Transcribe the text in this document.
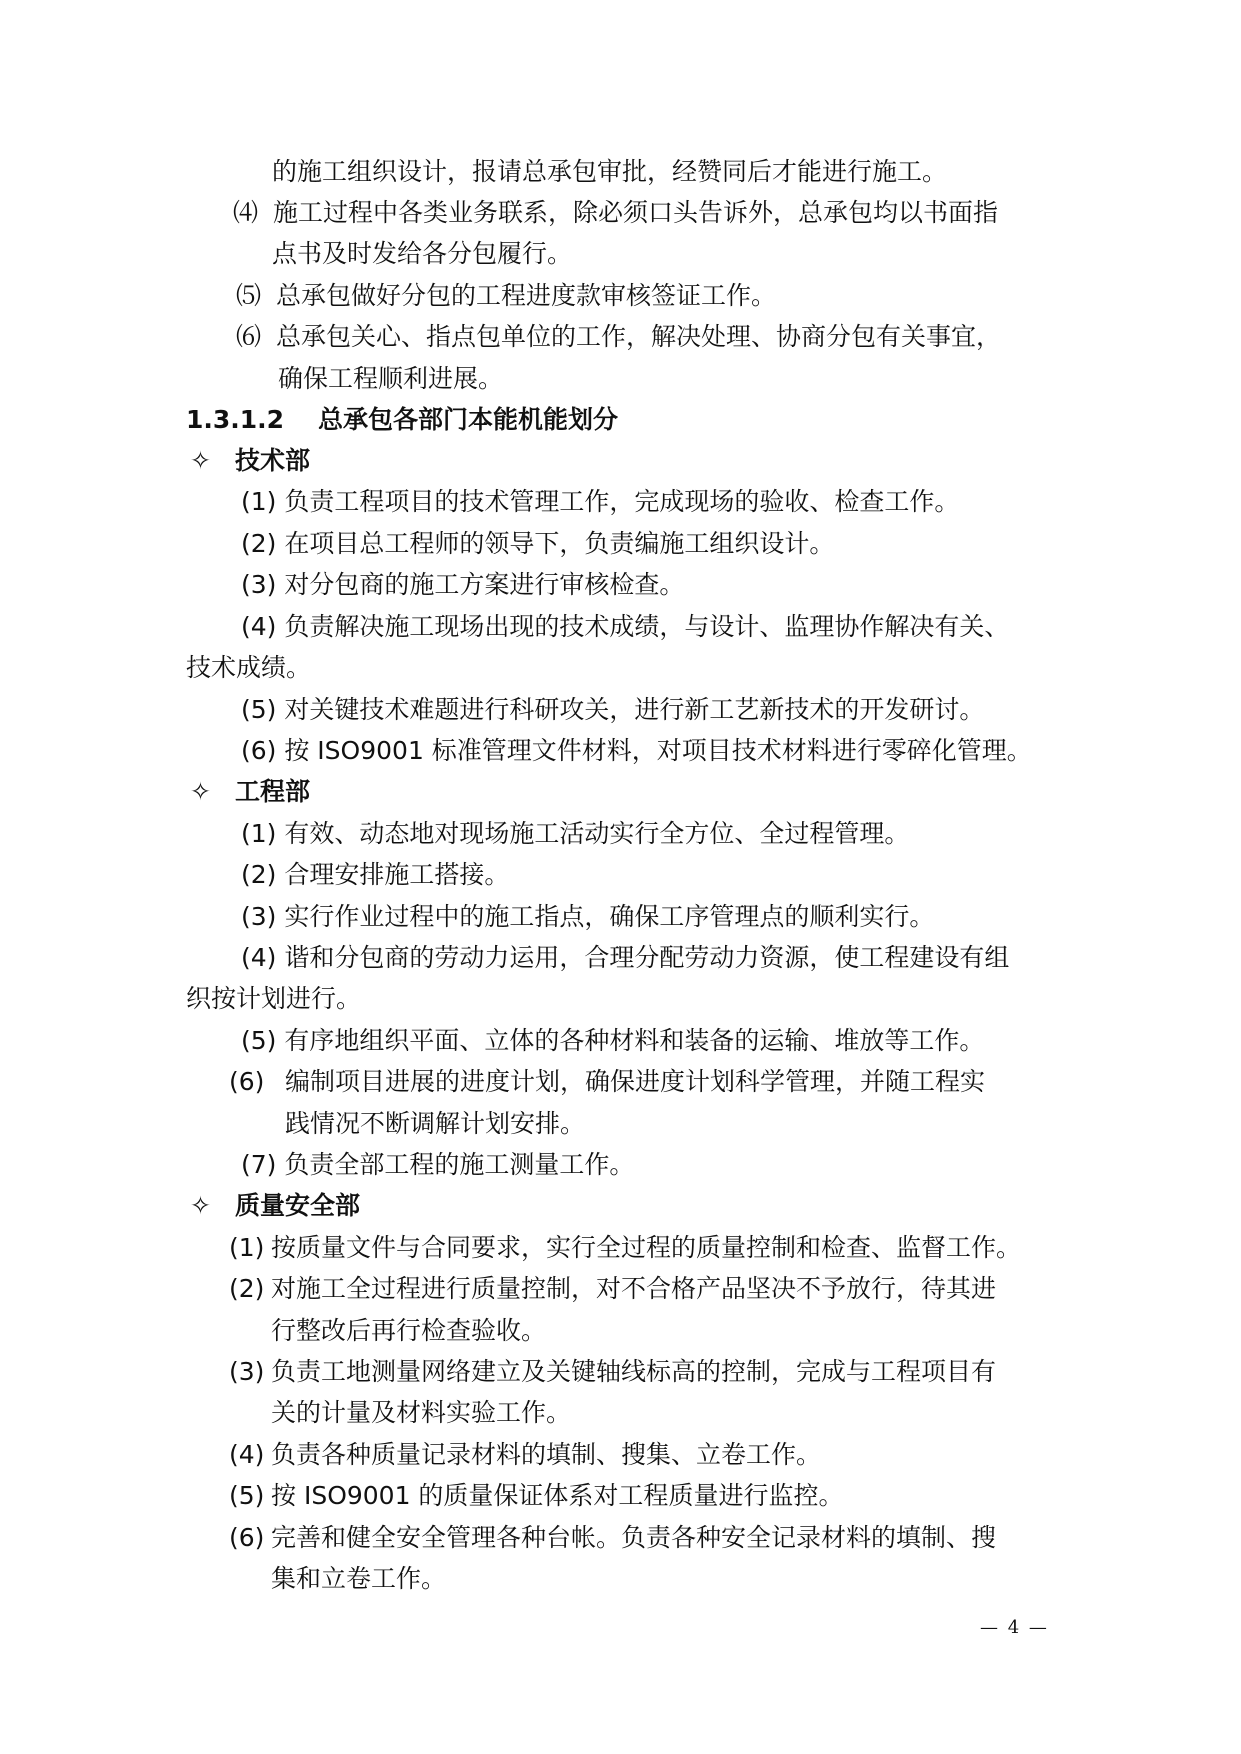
的施工组织设计，报请总承包审批，经赞同后才能进行施工。
⑷ 施工过程中各类业务联系，除必须口头告诉外，总承包均以书面指
点书及时发给各分包履行。
⑸ 总承包做好分包的工程进度款审核签证工作。
⑹ 总承包关心、指点包单位的工作，解决处理、协商分包有关事宜，
确保工程顺利进展。
1.3.1.2 总承包各部门本能机能划分
✧ 技术部
(1) 负责工程项目的技术管理工作，完成现场的验收、检查工作。
(2) 在项目总工程师的领导下，负责编施工组织设计。
(3) 对分包商的施工方案进行审核检查。
(4) 负责解决施工现场出现的技术成绩，与设计、监理协作解决有关、
技术成绩。
(5) 对关键技术难题进行科研攻关，进行新工艺新技术的开发研讨。
(6) 按 ISO9001 标准管理文件材料，对项目技术材料进行零碎化管理。
✧ 工程部
(1) 有效、动态地对现场施工活动实行全方位、全过程管理。
(2) 合理安排施工搭接。
(3) 实行作业过程中的施工指点，确保工序管理点的顺利实行。
(4) 谐和分包商的劳动力运用，合理分配劳动力资源，使工程建设有组
织按计划进行。
(5) 有序地组织平面、立体的各种材料和装备的运输、堆放等工作。
(6) 编制项目进展的进度计划，确保进度计划科学管理，并随工程实
践情况不断调解计划安排。
(7) 负责全部工程的施工测量工作。
✧ 质量安全部
(1) 按质量文件与合同要求，实行全过程的质量控制和检查、监督工作。
(2) 对施工全过程进行质量控制，对不合格产品坚决不予放行，待其进
行整改后再行检查验收。
(3) 负责工地测量网络建立及关键轴线标高的控制，完成与工程项目有
关的计量及材料实验工作。
(4) 负责各种质量记录材料的填制、搜集、立卷工作。
(5) 按 ISO9001 的质量保证体系对工程质量进行监控。
(6) 完善和健全安全管理各种台帐。负责各种安全记录材料的填制、搜
集和立卷工作。
— 4 —
